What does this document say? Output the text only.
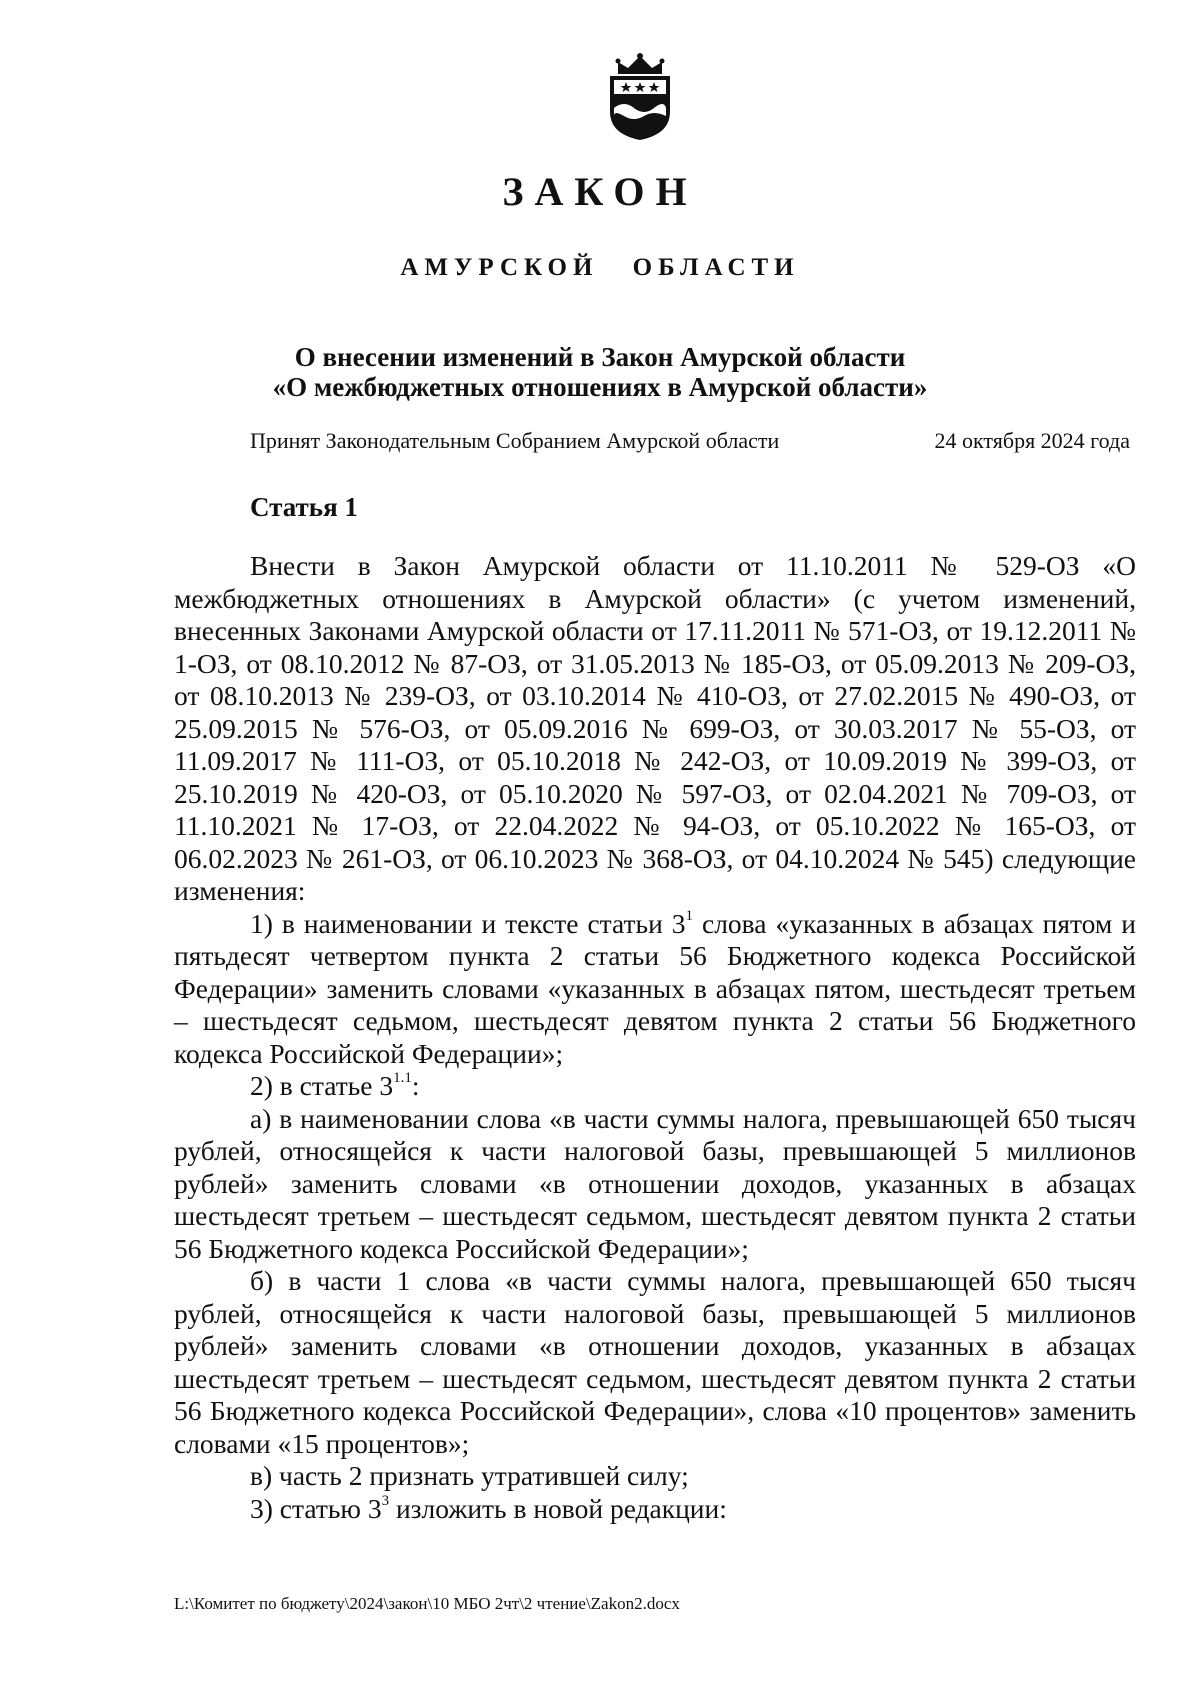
ЗАКОН
АМУРСКОЙ ОБЛАСТИ
О внесении изменений в Закон Амурской области
«О межбюджетных отношениях в Амурской области»
Принят Законодательным Собранием Амурской области	24 октября 2024 года
Статья 1

Внести в Закон Амурской области от 11.10.2011 № 529-ОЗ «О межбюджетных отношениях в Амурской области» (с учетом изменений, внесенных Законами Амурской области от 17.11.2011 № 571-ОЗ, от 19.12.2011 № 1-ОЗ, от 08.10.2012 № 87-ОЗ, от 31.05.2013 № 185-ОЗ, от 05.09.2013 № 209-ОЗ, от 08.10.2013 № 239-ОЗ, от 03.10.2014 № 410-ОЗ, от 27.02.2015 № 490-ОЗ, от 25.09.2015 № 576-ОЗ, от 05.09.2016 № 699-ОЗ, от 30.03.2017 № 55-ОЗ, от 11.09.2017 № 111-ОЗ, от 05.10.2018 № 242-ОЗ, от 10.09.2019 № 399-ОЗ, от 25.10.2019 № 420-ОЗ, от 05.10.2020 № 597-ОЗ, от 02.04.2021 № 709-ОЗ, от 11.10.2021 № 17-ОЗ, от 22.04.2022 № 94-ОЗ, от 05.10.2022 № 165-ОЗ, от 06.02.2023 № 261-ОЗ, от 06.10.2023 № 368-ОЗ, от 04.10.2024 № 545) следующие изменения:

1) в наименовании и тексте статьи $3^1$ слова «указанных в абзацах пятом и пятьдесят четвертом пункта 2 статьи 56 Бюджетного кодекса Российской Федерации» заменить словами «указанных в абзацах пятом, шестьдесят третьем – шестьдесят седьмом, шестьдесят девятом пункта 2 статьи 56 Бюджетного кодекса Российской Федерации»;

2) в статье $3^{1.1}$:

а) в наименовании слова «в части суммы налога, превышающей 650 тысяч рублей, относящейся к части налоговой базы, превышающей 5 миллионов рублей» заменить словами «в отношении доходов, указанных в абзацах шестьдесят третьем – шестьдесят седьмом, шестьдесят девятом пункта 2 статьи 56 Бюджетного кодекса Российской Федерации»;

б) в части 1 слова «в части суммы налога, превышающей 650 тысяч рублей, относящейся к части налоговой базы, превышающей 5 миллионов рублей» заменить словами «в отношении доходов, указанных в абзацах шестьдесят третьем – шестьдесят седьмом, шестьдесят девятом пункта 2 статьи 56 Бюджетного кодекса Российской Федерации», слова «10 процентов» заменить словами «15 процентов»;

в) часть 2 признать утратившей силу;

3) статью $3^3$ изложить в новой редакции:

L:\Комитет по бюджету\2024\закон\10 МБО 2чт\2 чтение\Zakon2.docx
